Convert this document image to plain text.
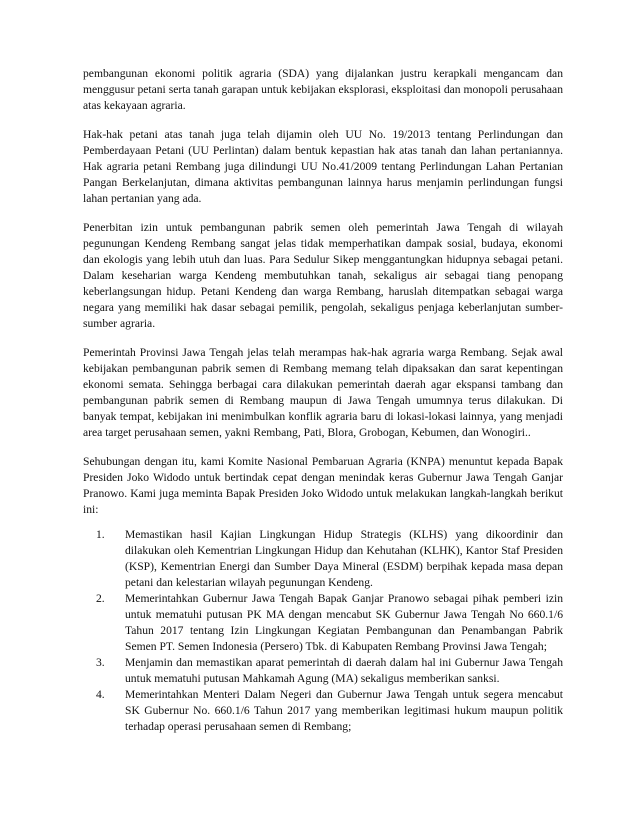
pembangunan ekonomi politik agraria (SDA) yang dijalankan justru kerapkali mengancam dan menggusur petani serta tanah garapan untuk kebijakan eksplorasi, eksploitasi dan monopoli perusahaan atas kekayaan agraria.

Hak-hak petani atas tanah juga telah dijamin oleh UU No. 19/2013 tentang Perlindungan dan Pemberdayaan Petani (UU Perlintan) dalam bentuk kepastian hak atas tanah dan lahan pertaniannya. Hak agraria petani Rembang juga dilindungi UU No.41/2009 tentang Perlindungan Lahan Pertanian Pangan Berkelanjutan, dimana aktivitas pembangunan lainnya harus menjamin perlindungan fungsi lahan pertanian yang ada.

Penerbitan izin untuk pembangunan pabrik semen oleh pemerintah Jawa Tengah di wilayah pegunungan Kendeng Rembang sangat jelas tidak memperhatikan dampak sosial, budaya, ekonomi dan ekologis yang lebih utuh dan luas. Para Sedulur Sikep menggantungkan hidupnya sebagai petani. Dalam keseharian warga Kendeng membutuhkan tanah, sekaligus air sebagai tiang penopang keberlangsungan hidup. Petani Kendeng dan warga Rembang, haruslah ditempatkan sebagai warga negara yang memiliki hak dasar sebagai pemilik, pengolah, sekaligus penjaga keberlanjutan sumber-sumber agraria.

Pemerintah Provinsi Jawa Tengah jelas telah merampas hak-hak agraria warga Rembang. Sejak awal kebijakan pembangunan pabrik semen di Rembang memang telah dipaksakan dan sarat kepentingan ekonomi semata. Sehingga berbagai cara dilakukan pemerintah daerah agar ekspansi tambang dan pembangunan pabrik semen di Rembang maupun di Jawa Tengah umumnya terus dilakukan. Di banyak tempat, kebijakan ini menimbulkan konflik agraria baru di lokasi-lokasi lainnya, yang menjadi area target perusahaan semen, yakni Rembang, Pati, Blora, Grobogan, Kebumen, dan Wonogiri..

Sehubungan dengan itu, kami Komite Nasional Pembaruan Agraria (KNPA) menuntut kepada Bapak Presiden Joko Widodo untuk bertindak cepat dengan menindak keras Gubernur Jawa Tengah Ganjar Pranowo. Kami juga meminta Bapak Presiden Joko Widodo untuk melakukan langkah-langkah berikut ini:

1.	Memastikan hasil Kajian Lingkungan Hidup Strategis (KLHS) yang dikoordinir dan dilakukan oleh Kementrian Lingkungan Hidup dan Kehutahan (KLHK), Kantor Staf Presiden (KSP), Kementrian Energi dan Sumber Daya Mineral (ESDM) berpihak kepada masa depan petani dan kelestarian wilayah pegunungan Kendeng.
2.	Memerintahkan Gubernur Jawa Tengah Bapak Ganjar Pranowo sebagai pihak pemberi izin untuk mematuhi putusan PK MA dengan mencabut SK Gubernur Jawa Tengah No 660.1/6 Tahun 2017 tentang Izin Lingkungan Kegiatan Pembangunan dan Penambangan Pabrik Semen PT. Semen Indonesia (Persero) Tbk. di Kabupaten Rembang Provinsi Jawa Tengah;
3.	Menjamin dan memastikan aparat pemerintah di daerah dalam hal ini Gubernur Jawa Tengah untuk mematuhi putusan Mahkamah Agung (MA) sekaligus memberikan sanksi.
4.	Memerintahkan Menteri Dalam Negeri dan Gubernur Jawa Tengah untuk segera mencabut SK Gubernur No. 660.1/6 Tahun 2017 yang memberikan legitimasi hukum maupun politik terhadap operasi perusahaan semen di Rembang;
